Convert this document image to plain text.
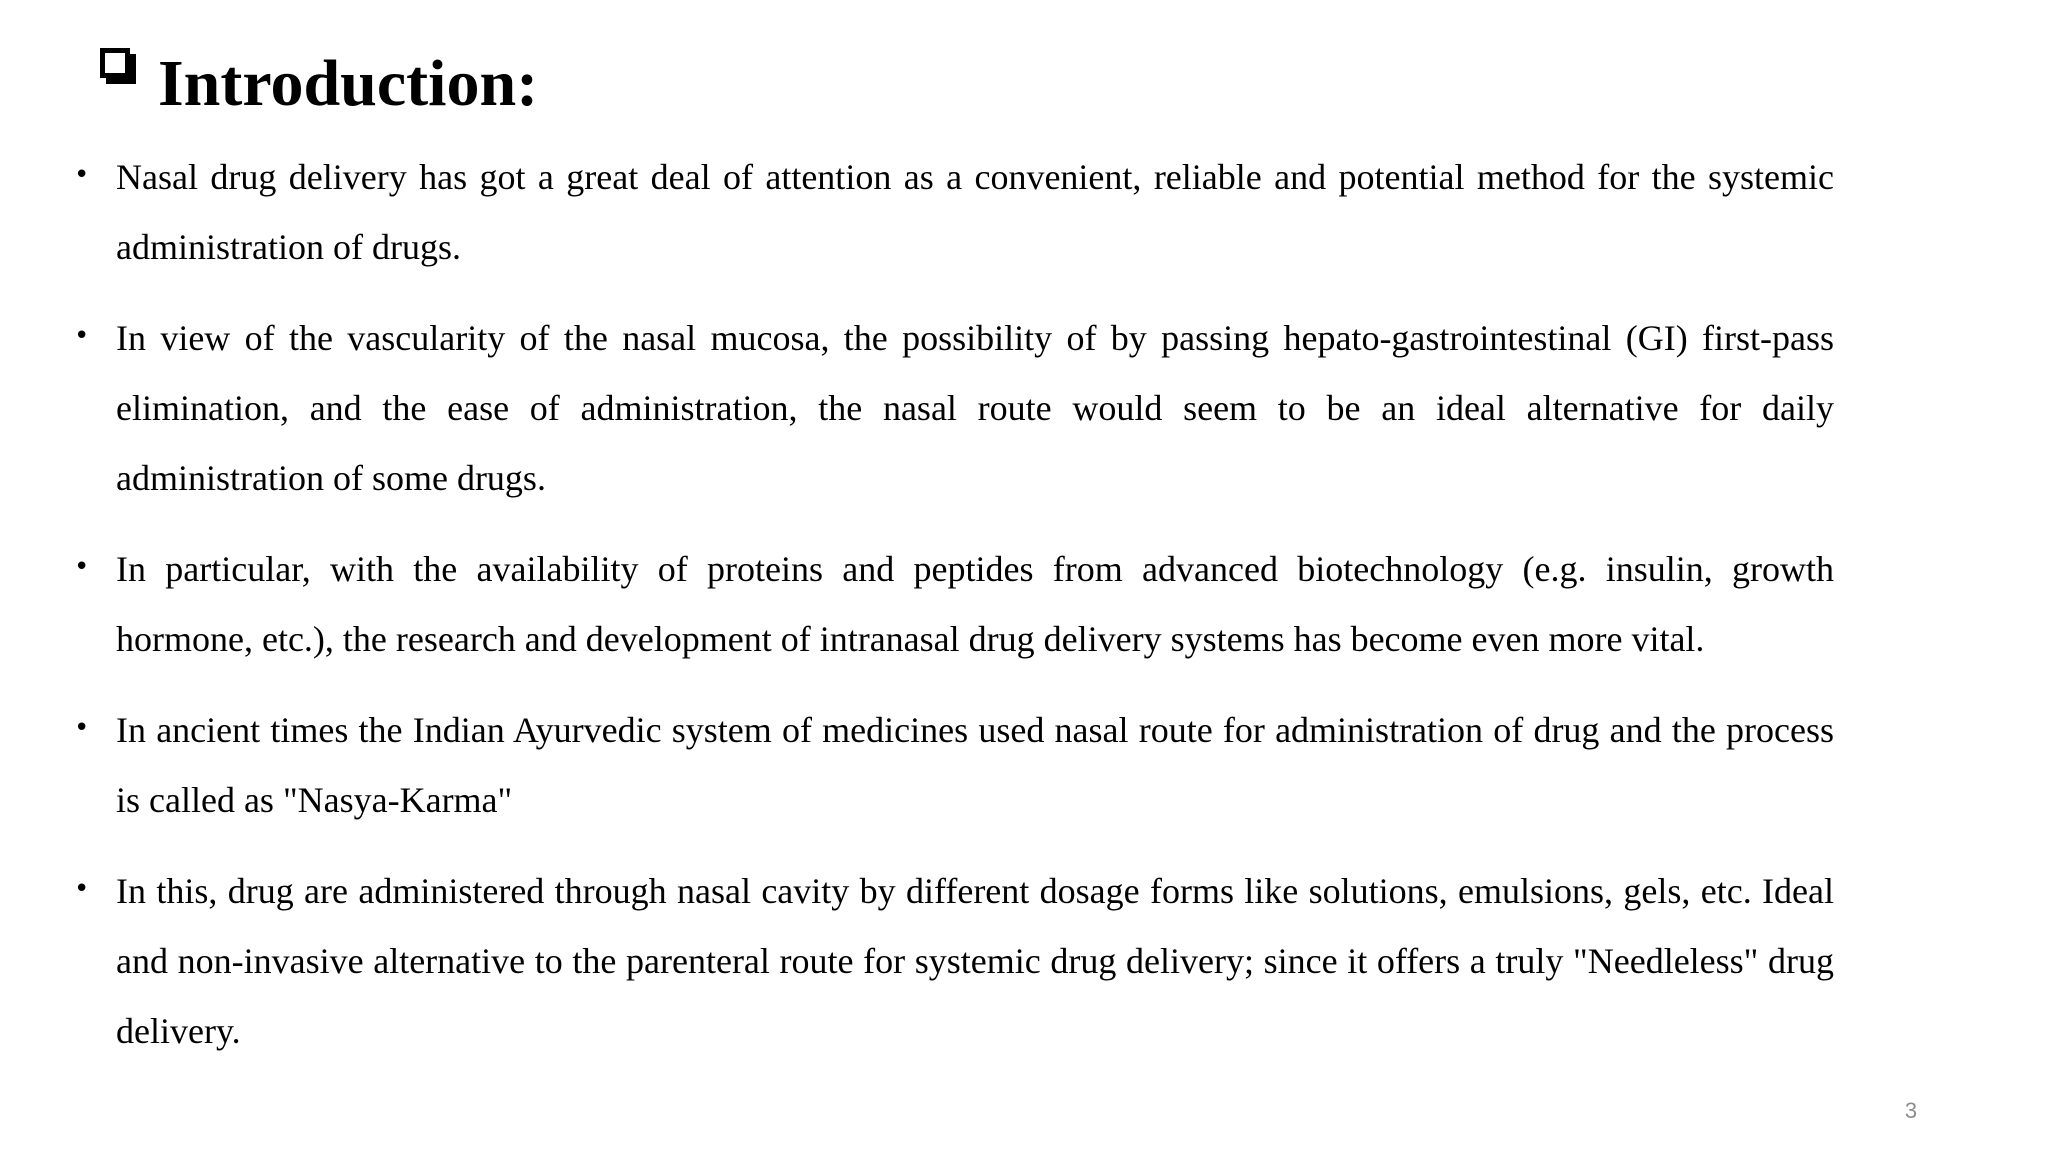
Introduction:
• Nasal drug delivery has got a great deal of attention as a convenient, reliable and potential method for the systemic administration of drugs.
• In view of the vascularity of the nasal mucosa, the possibility of by passing hepato-gastrointestinal (GI) first-pass elimination, and the ease of administration, the nasal route would seem to be an ideal alternative for daily administration of some drugs.
• In particular, with the availability of proteins and peptides from advanced biotechnology (e.g. insulin, growth hormone, etc.), the research and development of intranasal drug delivery systems has become even more vital.
• In ancient times the Indian Ayurvedic system of medicines used nasal route for administration of drug and the process is called as "Nasya-Karma"
• In this, drug are administered through nasal cavity by different dosage forms like solutions, emulsions, gels, etc. Ideal and non-invasive alternative to the parenteral route for systemic drug delivery; since it offers a truly "Needleless" drug delivery.
3
